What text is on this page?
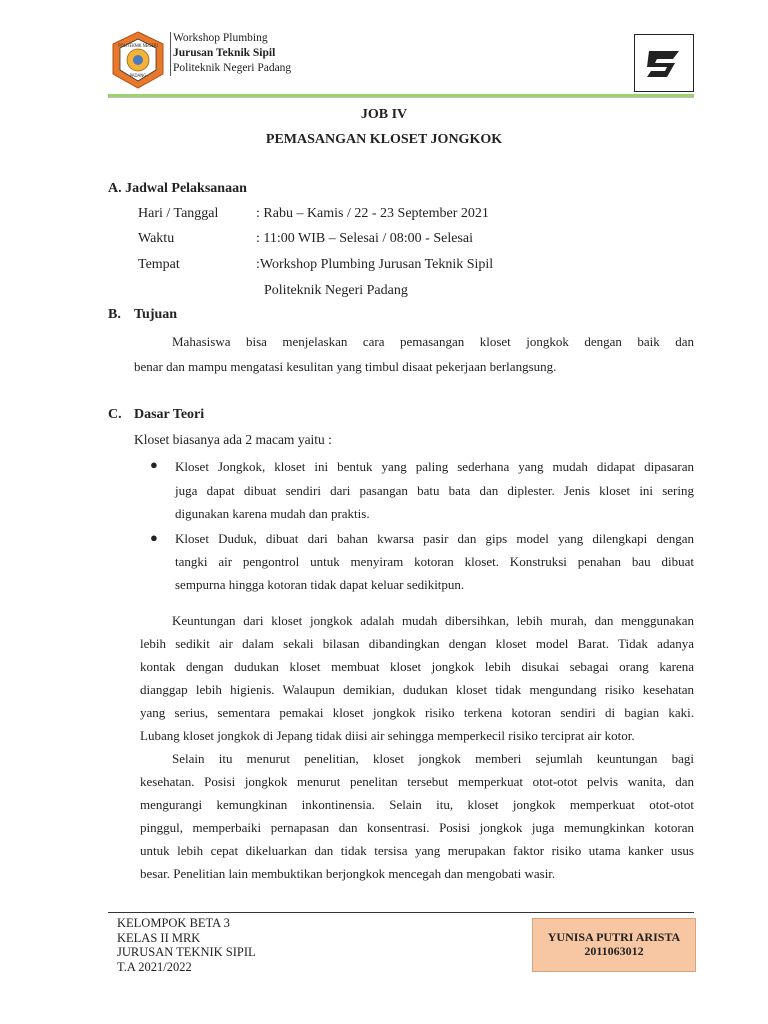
POLITEKNIK NEGERI
PADANG
Workshop Plumbing
Jurusan Teknik Sipil
Politeknik Negeri Padang
JOB IV
PEMASANGAN KLOSET JONGKOK
A. Jadwal Pelaksanaan
Hari / Tanggal	: Rabu – Kamis / 22 - 23 September 2021
Waktu	: 11:00 WIB – Selesai / 08:00 - Selesai
Tempat	:Workshop Plumbing Jurusan Teknik Sipil
Politeknik Negeri Padang
B. Tujuan
Mahasiswa bisa menjelaskan cara pemasangan kloset jongkok dengan baik dan
benar dan mampu mengatasi kesulitan yang timbul disaat pekerjaan berlangsung.
C. Dasar Teori
Kloset biasanya ada 2 macam yaitu :
● Kloset Jongkok, kloset ini bentuk yang paling sederhana yang mudah didapat dipasaran
juga dapat dibuat sendiri dari pasangan batu bata dan diplester. Jenis kloset ini sering
digunakan karena mudah dan praktis.
● Kloset Duduk, dibuat dari bahan kwarsa pasir dan gips model yang dilengkapi dengan
tangki air pengontrol untuk menyiram kotoran kloset. Konstruksi penahan bau dibuat
sempurna hingga kotoran tidak dapat keluar sedikitpun.
Keuntungan dari kloset jongkok adalah mudah dibersihkan, lebih murah, dan menggunakan
lebih sedikit air dalam sekali bilasan dibandingkan dengan kloset model Barat. Tidak adanya
kontak dengan dudukan kloset membuat kloset jongkok lebih disukai sebagai orang karena
dianggap lebih higienis. Walaupun demikian, dudukan kloset tidak mengundang risiko kesehatan
yang serius, sementara pemakai kloset jongkok risiko terkena kotoran sendiri di bagian kaki.
Lubang kloset jongkok di Jepang tidak diisi air sehingga memperkecil risiko terciprat air kotor.
Selain itu menurut penelitian, kloset jongkok memberi sejumlah keuntungan bagi
kesehatan. Posisi jongkok menurut penelitan tersebut memperkuat otot-otot pelvis wanita, dan
mengurangi kemungkinan inkontinensia. Selain itu, kloset jongkok memperkuat otot-otot
pinggul, memperbaiki pernapasan dan konsentrasi. Posisi jongkok juga memungkinkan kotoran
untuk lebih cepat dikeluarkan dan tidak tersisa yang merupakan faktor risiko utama kanker usus
besar. Penelitian lain membuktikan berjongkok mencegah dan mengobati wasir.
KELOMPOK BETA 3
KELAS II MRK
JURUSAN TEKNIK SIPIL
T.A 2021/2022
YUNISA PUTRI ARISTA
2011063012
